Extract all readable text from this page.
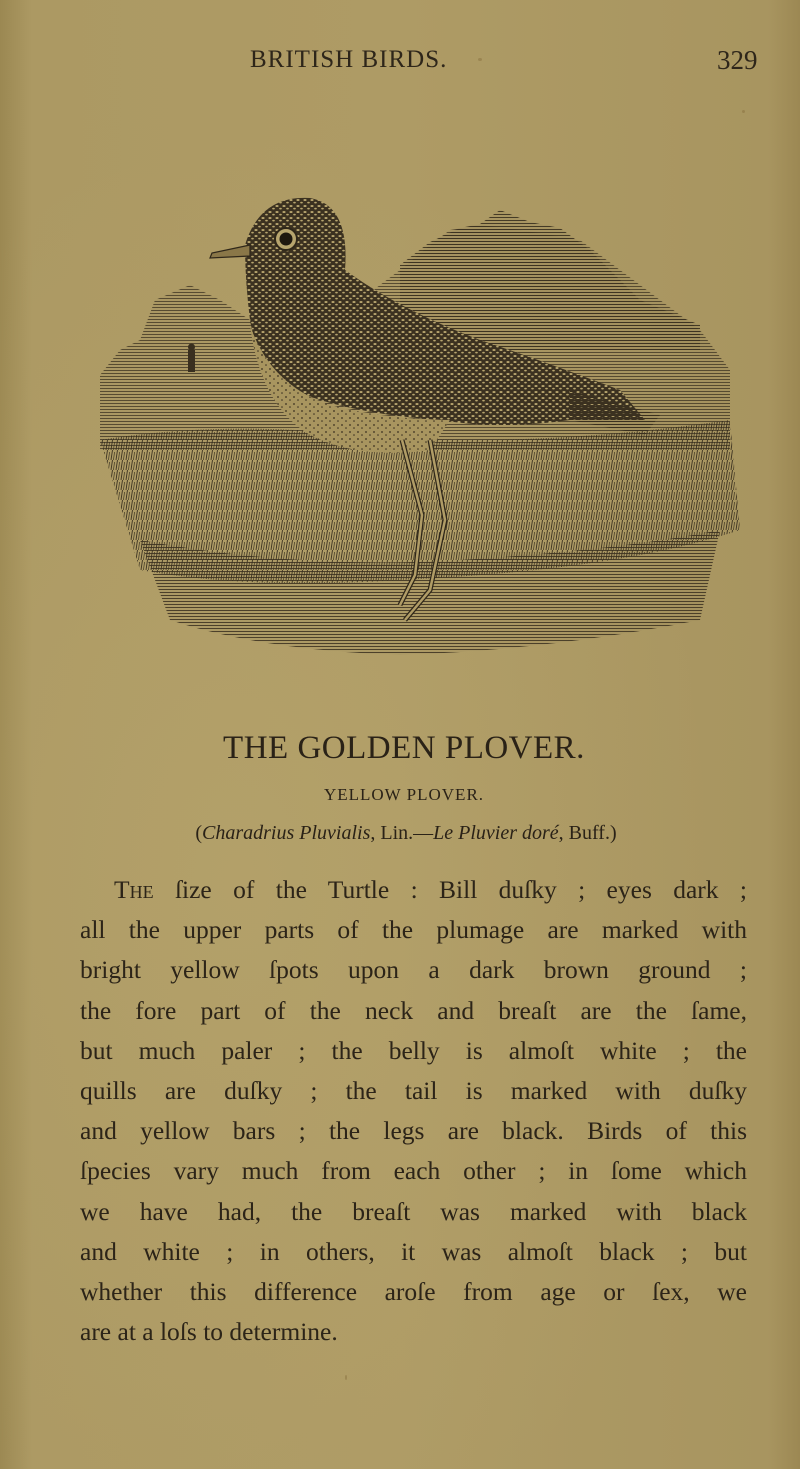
BRITISH BIRDS.	329
THE GOLDEN PLOVER.
YELLOW PLOVER.
(Charadrius Pluvialis, Lin.—Le Pluvier doré, Buff.)
The ſize of the Turtle : Bill duſky ; eyes dark ;
all the upper parts of the plumage are marked with
bright yellow ſpots upon a dark brown ground ;
the fore part of the neck and breaſt are the ſame,
but much paler ; the belly is almoſt white ; the
quills are duſky ; the tail is marked with duſky
and yellow bars ; the legs are black. Birds of this
ſpecies vary much from each other ; in ſome which
we have had, the breaſt was marked with black
and white ; in others, it was almoſt black ; but
whether this difference aroſe from age or ſex, we
are at a loſs to determine.
